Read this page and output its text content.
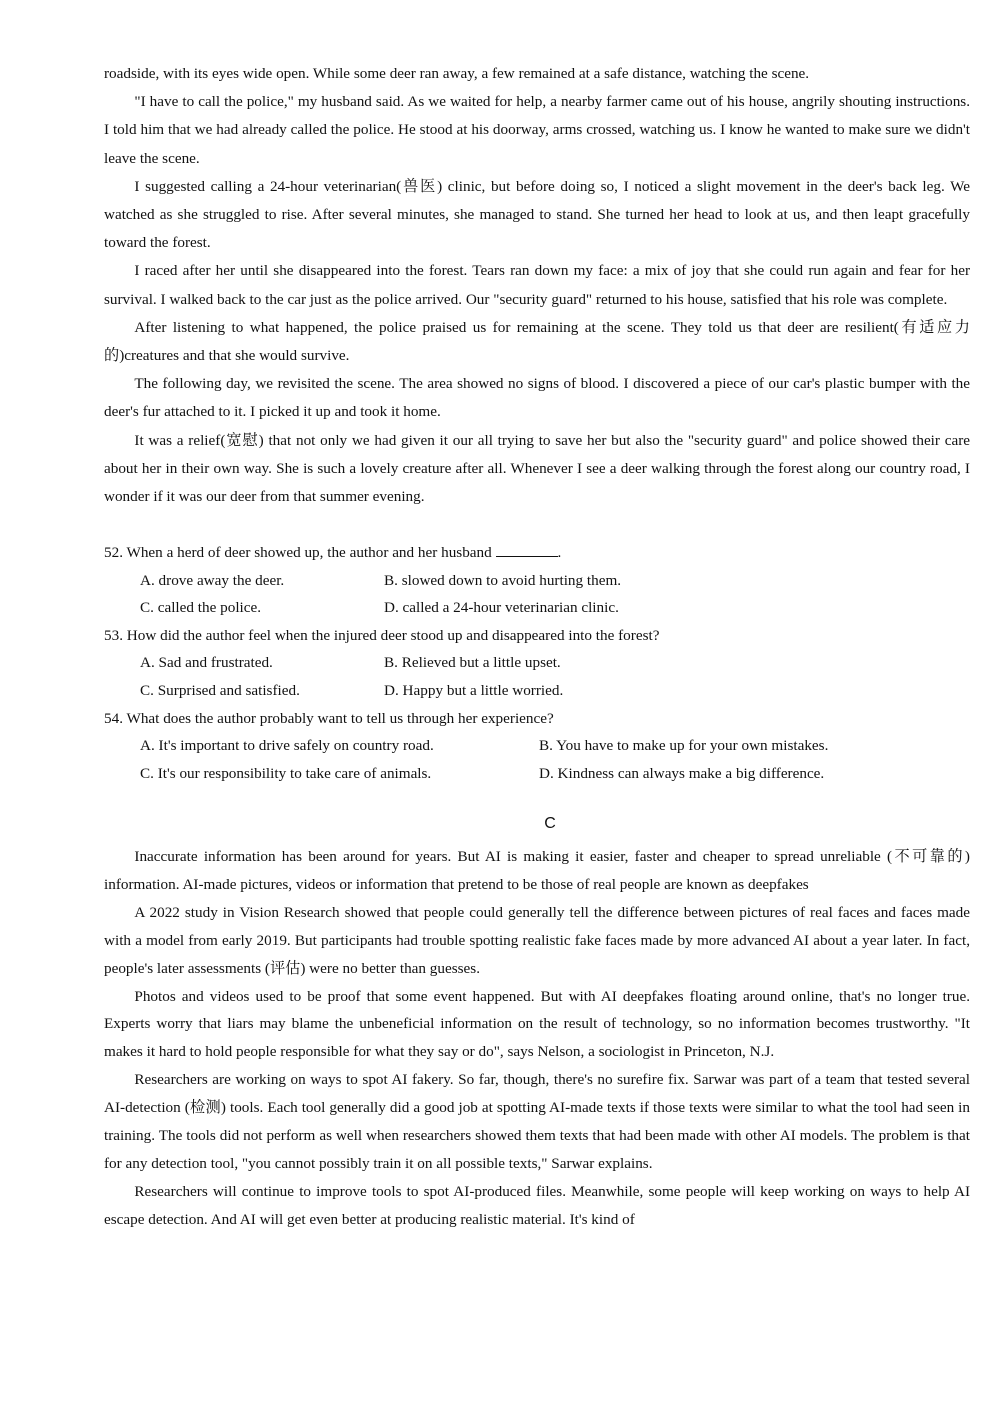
roadside, with its eyes wide open. While some deer ran away, a few remained at a safe distance, watching the scene.

"I have to call the police," my husband said. As we waited for help, a nearby farmer came out of his house, angrily shouting instructions. I told him that we had already called the police. He stood at his doorway, arms crossed, watching us. I know he wanted to make sure we didn't leave the scene.

I suggested calling a 24-hour veterinarian(兽医) clinic, but before doing so, I noticed a slight movement in the deer's back leg. We watched as she struggled to rise. After several minutes, she managed to stand. She turned her head to look at us, and then leapt gracefully toward the forest.

I raced after her until she disappeared into the forest. Tears ran down my face: a mix of joy that she could run again and fear for her survival. I walked back to the car just as the police arrived. Our "security guard" returned to his house, satisfied that his role was complete.

After listening to what happened, the police praised us for remaining at the scene. They told us that deer are resilient(有适应力的)creatures and that she would survive.

The following day, we revisited the scene. The area showed no signs of blood. I discovered a piece of our car's plastic bumper with the deer's fur attached to it. I picked it up and took it home.

It was a relief(宽慰) that not only we had given it our all trying to save her but also the "security guard" and police showed their care about her in their own way. She is such a lovely creature after all. Whenever I see a deer walking through the forest along our country road, I wonder if it was our deer from that summer evening.

52. When a herd of deer showed up, the author and her husband	.

A. drove away the deer.	B. slowed down to avoid hurting them.
C. called the police.	D. called a 24-hour veterinarian clinic.

53. How did the author feel when the injured deer stood up and disappeared into the forest?

A. Sad and frustrated.	B. Relieved but a little upset.
C. Surprised and satisfied.	D. Happy but a little worried.

54. What does the author probably want to tell us through her experience?

A. It's important to drive safely on country road.	B. You have to make up for your own mistakes.
C. It's our responsibility to take care of animals.	D. Kindness can always make a big difference.
C

Inaccurate information has been around for years. But AI is making it easier, faster and cheaper to spread unreliable (不可靠的) information. AI-made pictures, videos or information that pretend to be those of real people are known as deepfakes

A 2022 study in Vision Research showed that people could generally tell the difference between pictures of real faces and faces made with a model from early 2019. But participants had trouble spotting realistic fake faces made by more advanced AI about a year later. In fact, people's later assessments (评估) were no better than guesses.

Photos and videos used to be proof that some event happened. But with AI deepfakes floating around online, that's no longer true. Experts worry that liars may blame the unbeneficial information on the result of technology, so no information becomes trustworthy. "It makes it hard to hold people responsible for what they say or do", says Nelson, a sociologist in Princeton, N.J.

Researchers are working on ways to spot AI fakery. So far, though, there's no surefire fix. Sarwar was part of a team that tested several AI-detection (检测) tools. Each tool generally did a good job at spotting AI-made texts if those texts were similar to what the tool had seen in training. The tools did not perform as well when researchers showed them texts that had been made with other AI models. The problem is that for any detection tool, "you cannot possibly train it on all possible texts," Sarwar explains.

Researchers will continue to improve tools to spot AI-produced files. Meanwhile, some people will keep working on ways to help AI escape detection. And AI will get even better at producing realistic material. It's kind of
